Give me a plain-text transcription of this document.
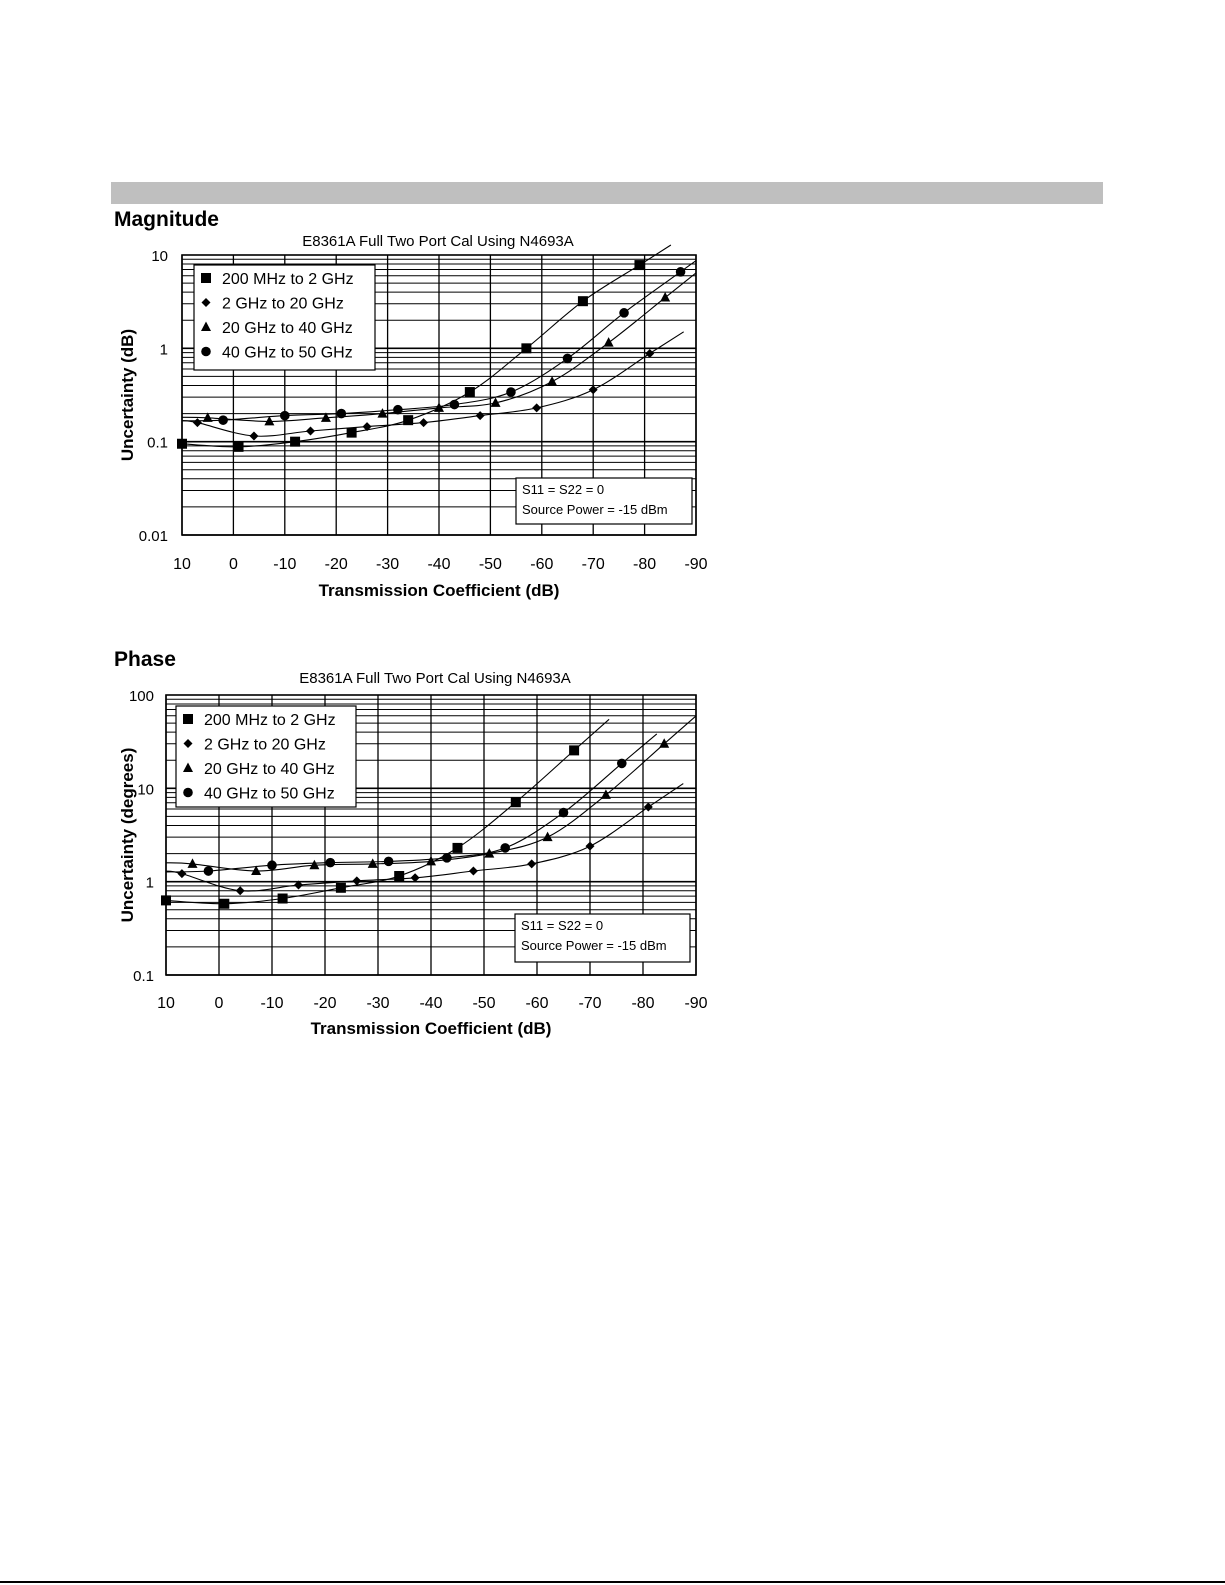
Magnitude
10 0 -10 -20 -30 -40 -50 -60 -70 -80 -90
10
1
0.1
0.01
E8361A Full Two Port Cal Using N4693A
Transmission Coefficient (dB)
Uncertainty (dB)
200 MHz to 2 GHz
2 GHz to 20 GHz
20 GHz to 40 GHz
40 GHz to 50 GHz
S11 = S22 = 0
Source Power = -15 dBm
Phase
10 0 -10 -20 -30 -40 -50 -60 -70 -80 -90
100
10
1
0.1
E8361A Full Two Port Cal Using N4693A
Transmission Coefficient (dB)
Uncertainty (degrees)
200 MHz to 2 GHz
2 GHz to 20 GHz
20 GHz to 40 GHz
40 GHz to 50 GHz
S11 = S22 = 0
Source Power = -15 dBm
